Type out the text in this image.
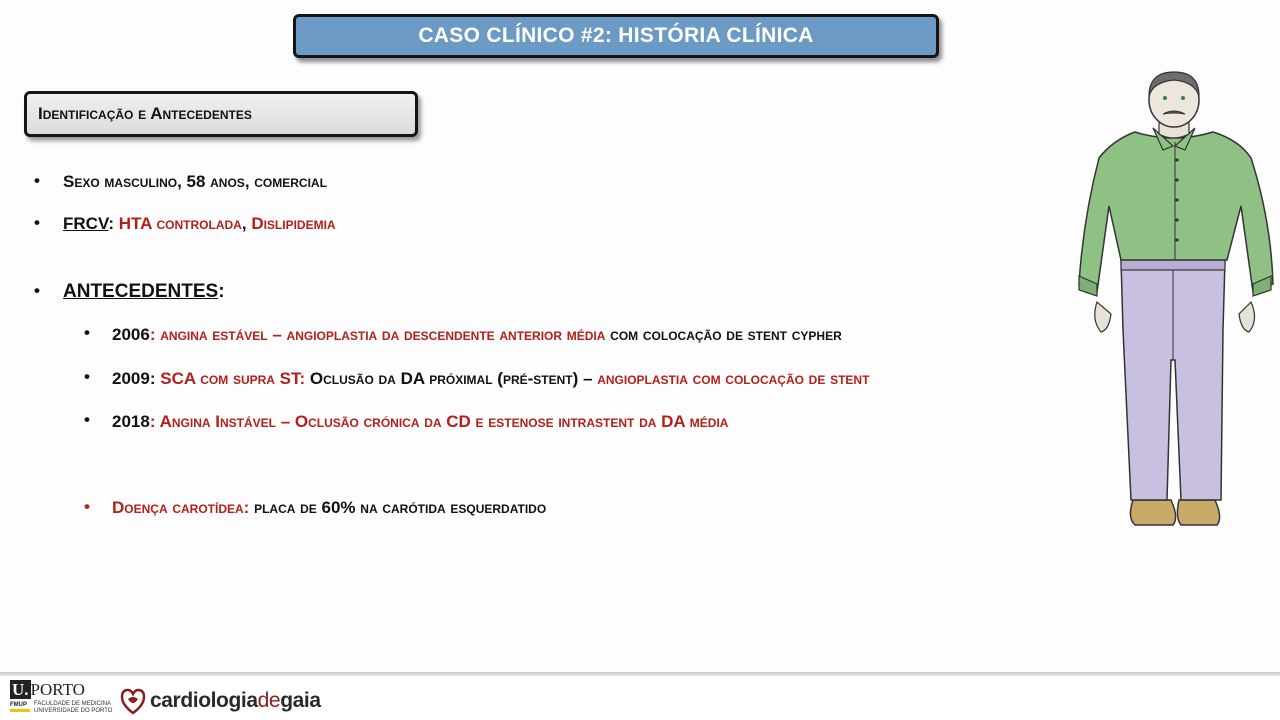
CASO CLÍNICO #2: HISTÓRIA CLÍNICA
Identificação e Antecedentes
• Sexo masculino, 58 anos, comercial
• FRCV: HTA controlada, Dislipidemia
• ANTECEDENTES:
• 2006: angina estável – angioplastia da descendente anterior média com colocação de stent cypher
• 2009: SCA com supra ST: Oclusão da DA próximal (pré-stent) – angioplastia com colocação de stent
• 2018: Angina Instável – Oclusão crónica da CD e estenose intrastent da DA média
• Doença carotídea: placa de 60% na carótida esquerdatido
U. PORTO
FMUP	FACULDADE DE MEDICINA
UNIVERSIDADE DO PORTO cardiologiadegaia
